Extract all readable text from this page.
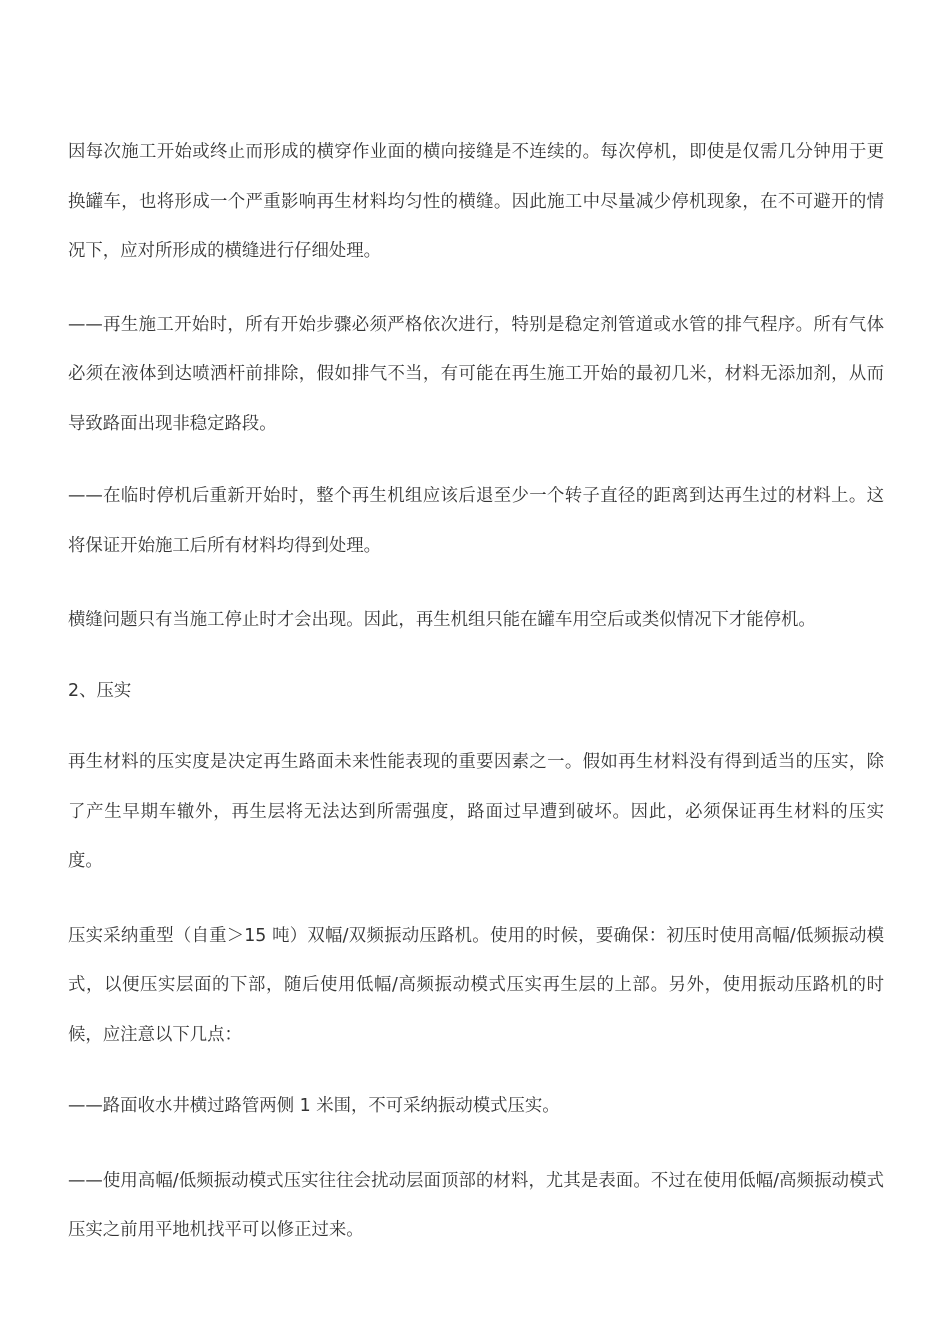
因每次施工开始或终止而形成的横穿作业面的横向接缝是不连续的。每次停机，即使是仅需几分钟用于更换罐车，也将形成一个严重影响再生材料均匀性的横缝。因此施工中尽量减少停机现象，在不可避开的情况下，应对所形成的横缝进行仔细处理。

——再生施工开始时，所有开始步骤必须严格依次进行，特别是稳定剂管道或水管的排气程序。所有气体必须在液体到达喷洒杆前排除，假如排气不当，有可能在再生施工开始的最初几米，材料无添加剂，从而导致路面出现非稳定路段。

——在临时停机后重新开始时，整个再生机组应该后退至少一个转子直径的距离到达再生过的材料上。这将保证开始施工后所有材料均得到处理。

横缝问题只有当施工停止时才会出现。因此，再生机组只能在罐车用空后或类似情况下才能停机。

2、压实

再生材料的压实度是决定再生路面未来性能表现的重要因素之一。假如再生材料没有得到适当的压实，除了产生早期车辙外，再生层将无法达到所需强度，路面过早遭到破坏。因此，必须保证再生材料的压实度。

压实采纳重型（自重＞15 吨）双幅/双频振动压路机。使用的时候，要确保：初压时使用高幅/低频振动模式，以便压实层面的下部，随后使用低幅/高频振动模式压实再生层的上部。另外，使用振动压路机的时候，应注意以下几点：

——路面收水井横过路管两侧 1 米围，不可采纳振动模式压实。

——使用高幅/低频振动模式压实往往会扰动层面顶部的材料，尤其是表面。不过在使用低幅/高频振动模式压实之前用平地机找平可以修正过来。
